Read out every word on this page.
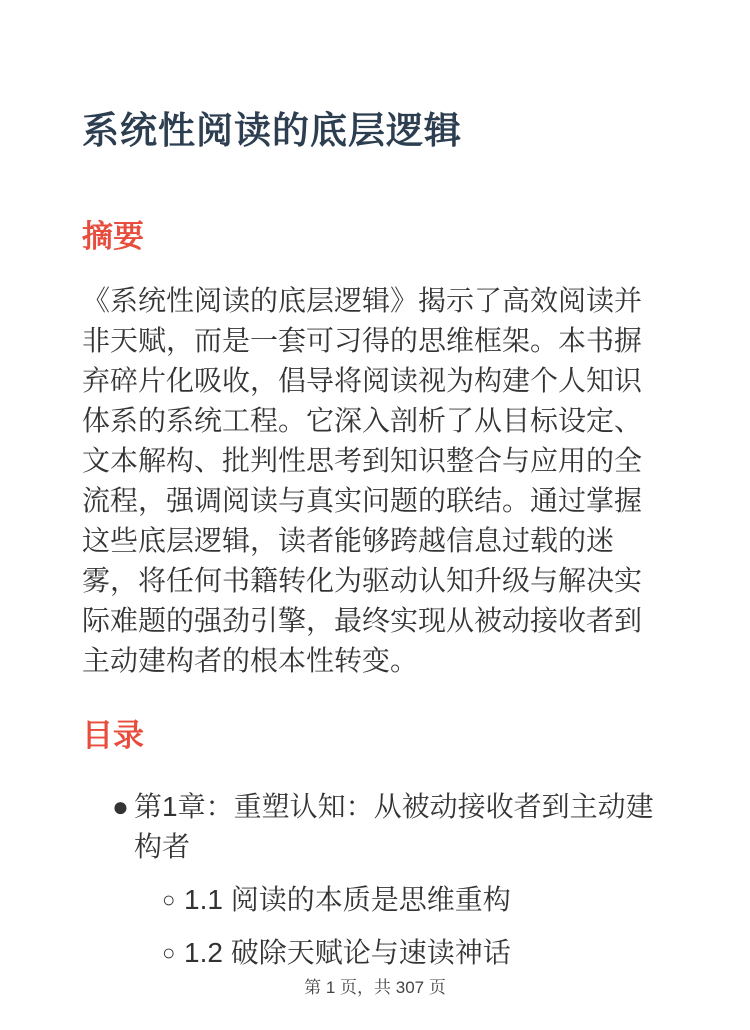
系统性阅读的底层逻辑
摘要

《系统性阅读的底层逻辑》揭示了高效阅读并非天赋，而是一套可习得的思维框架。本书摒弃碎片化吸收，倡导将阅读视为构建个人知识体系的系统工程。它深入剖析了从目标设定、文本解构、批判性思考到知识整合与应用的全流程，强调阅读与真实问题的联结。通过掌握这些底层逻辑，读者能够跨越信息过载的迷雾，将任何书籍转化为驱动认知升级与解决实际难题的强劲引擎，最终实现从被动接收者到主动建构者的根本性转变。

目录
● 第1章：重塑认知：从被动接收者到主动建构者
○ 1.1 阅读的本质是思维重构
○ 1.2 破除天赋论与速读神话
第 1 页，共 307 页
